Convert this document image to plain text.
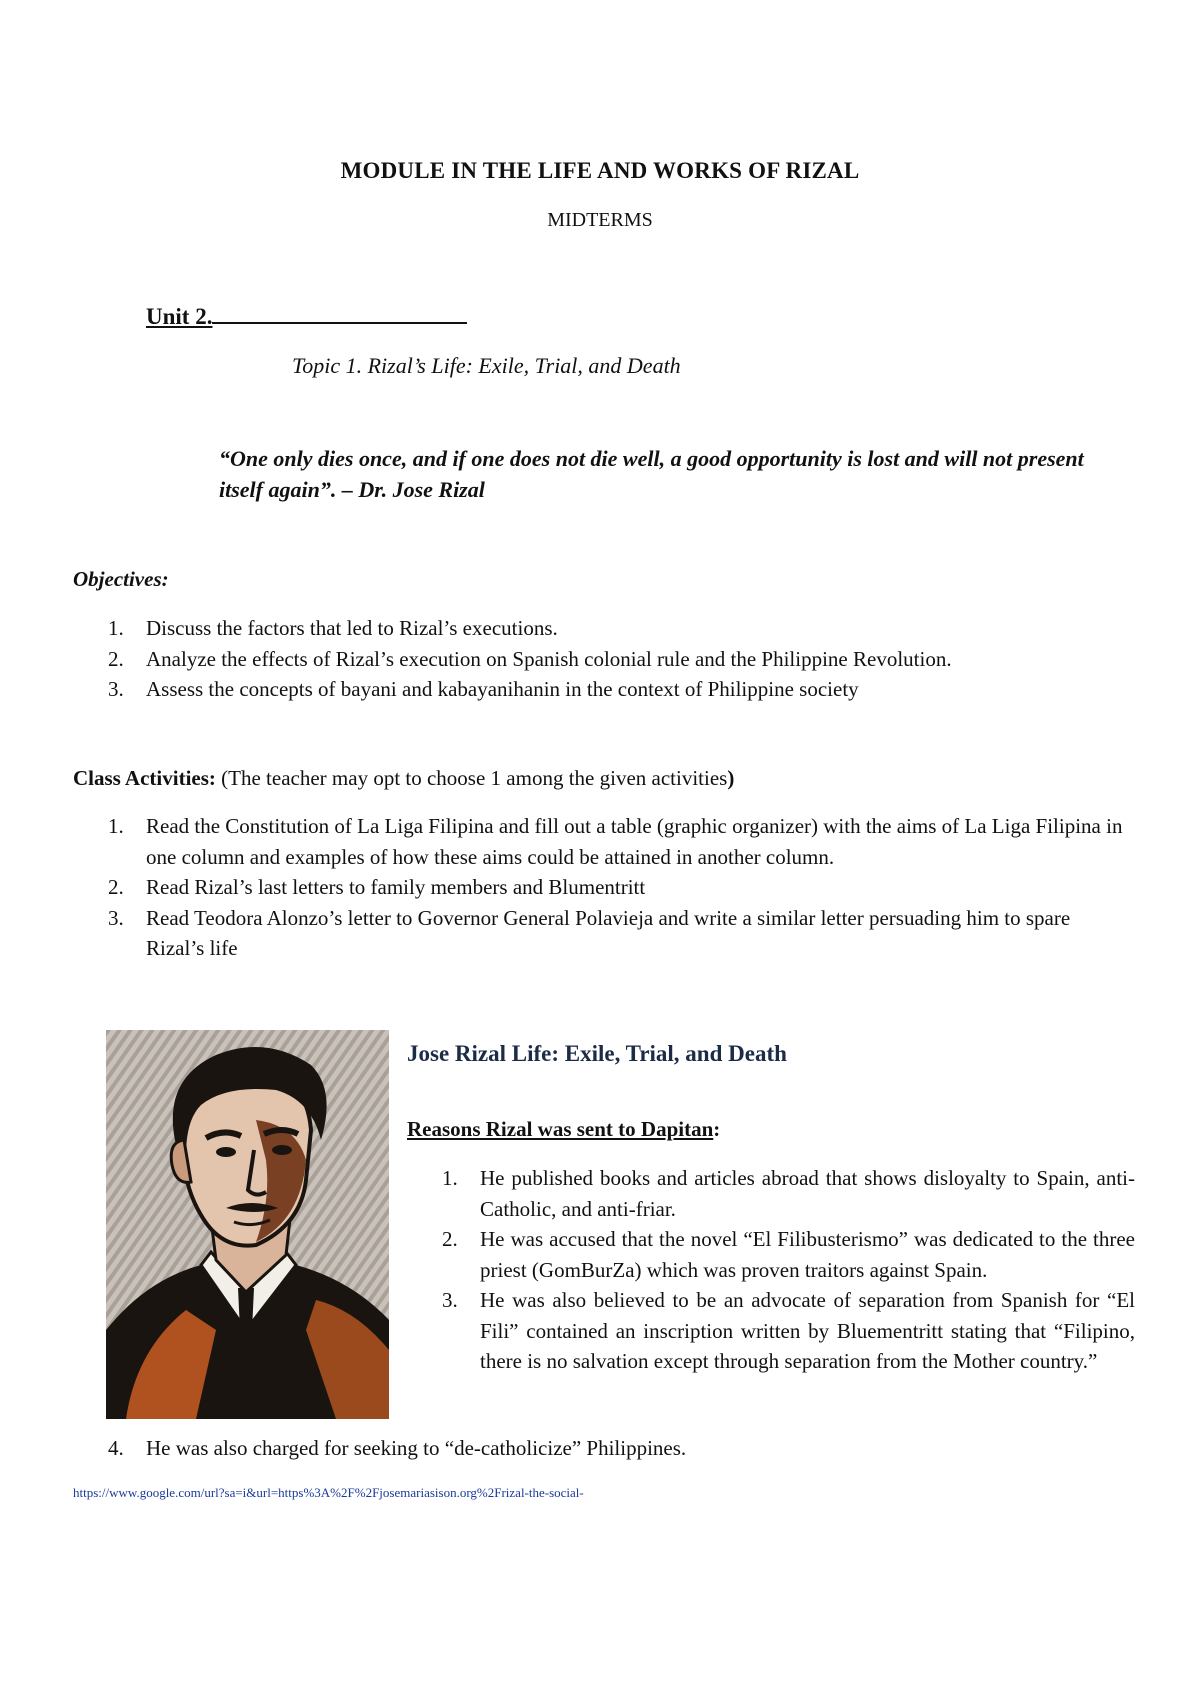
MODULE IN THE LIFE AND WORKS OF RIZAL
MIDTERMS
Unit 2.
Topic 1. Rizal’s Life: Exile, Trial, and Death
“One only dies once, and if one does not die well, a good opportunity is lost and will not present itself again”. – Dr. Jose Rizal
Objectives:
1. Discuss the factors that led to Rizal’s executions.
2. Analyze the effects of Rizal’s execution on Spanish colonial rule and the Philippine Revolution.
3. Assess the concepts of bayani and kabayanihanin in the context of Philippine society
Class Activities: (The teacher may opt to choose 1 among the given activities)
1. Read the Constitution of La Liga Filipina and fill out a table (graphic organizer) with the aims of La Liga Filipina in one column and examples of how these aims could be attained in another column.
2. Read Rizal’s last letters to family members and Blumentritt
3. Read Teodora Alonzo’s letter to Governor General Polavieja and write a similar letter persuading him to spare Rizal’s life
Jose Rizal Life: Exile, Trial, and Death
Reasons Rizal was sent to Dapitan:
1. He published books and articles abroad that shows disloyalty to Spain, anti-Catholic, and anti-friar.
2. He was accused that the novel “El Filibusterismo” was dedicated to the three priest (GomBurZa) which was proven traitors against Spain.
3. He was also believed to be an advocate of separation from Spanish for “El Fili” contained an inscription written by Bluementritt stating that “Filipino, there is no salvation except through separation from the Mother country.”
4. He was also charged for seeking to “de-catholicize” Philippines.
https://www.google.com/url?sa=i&url=https%3A%2F%2Fjosemariasison.org%2Frizal-the-social-
